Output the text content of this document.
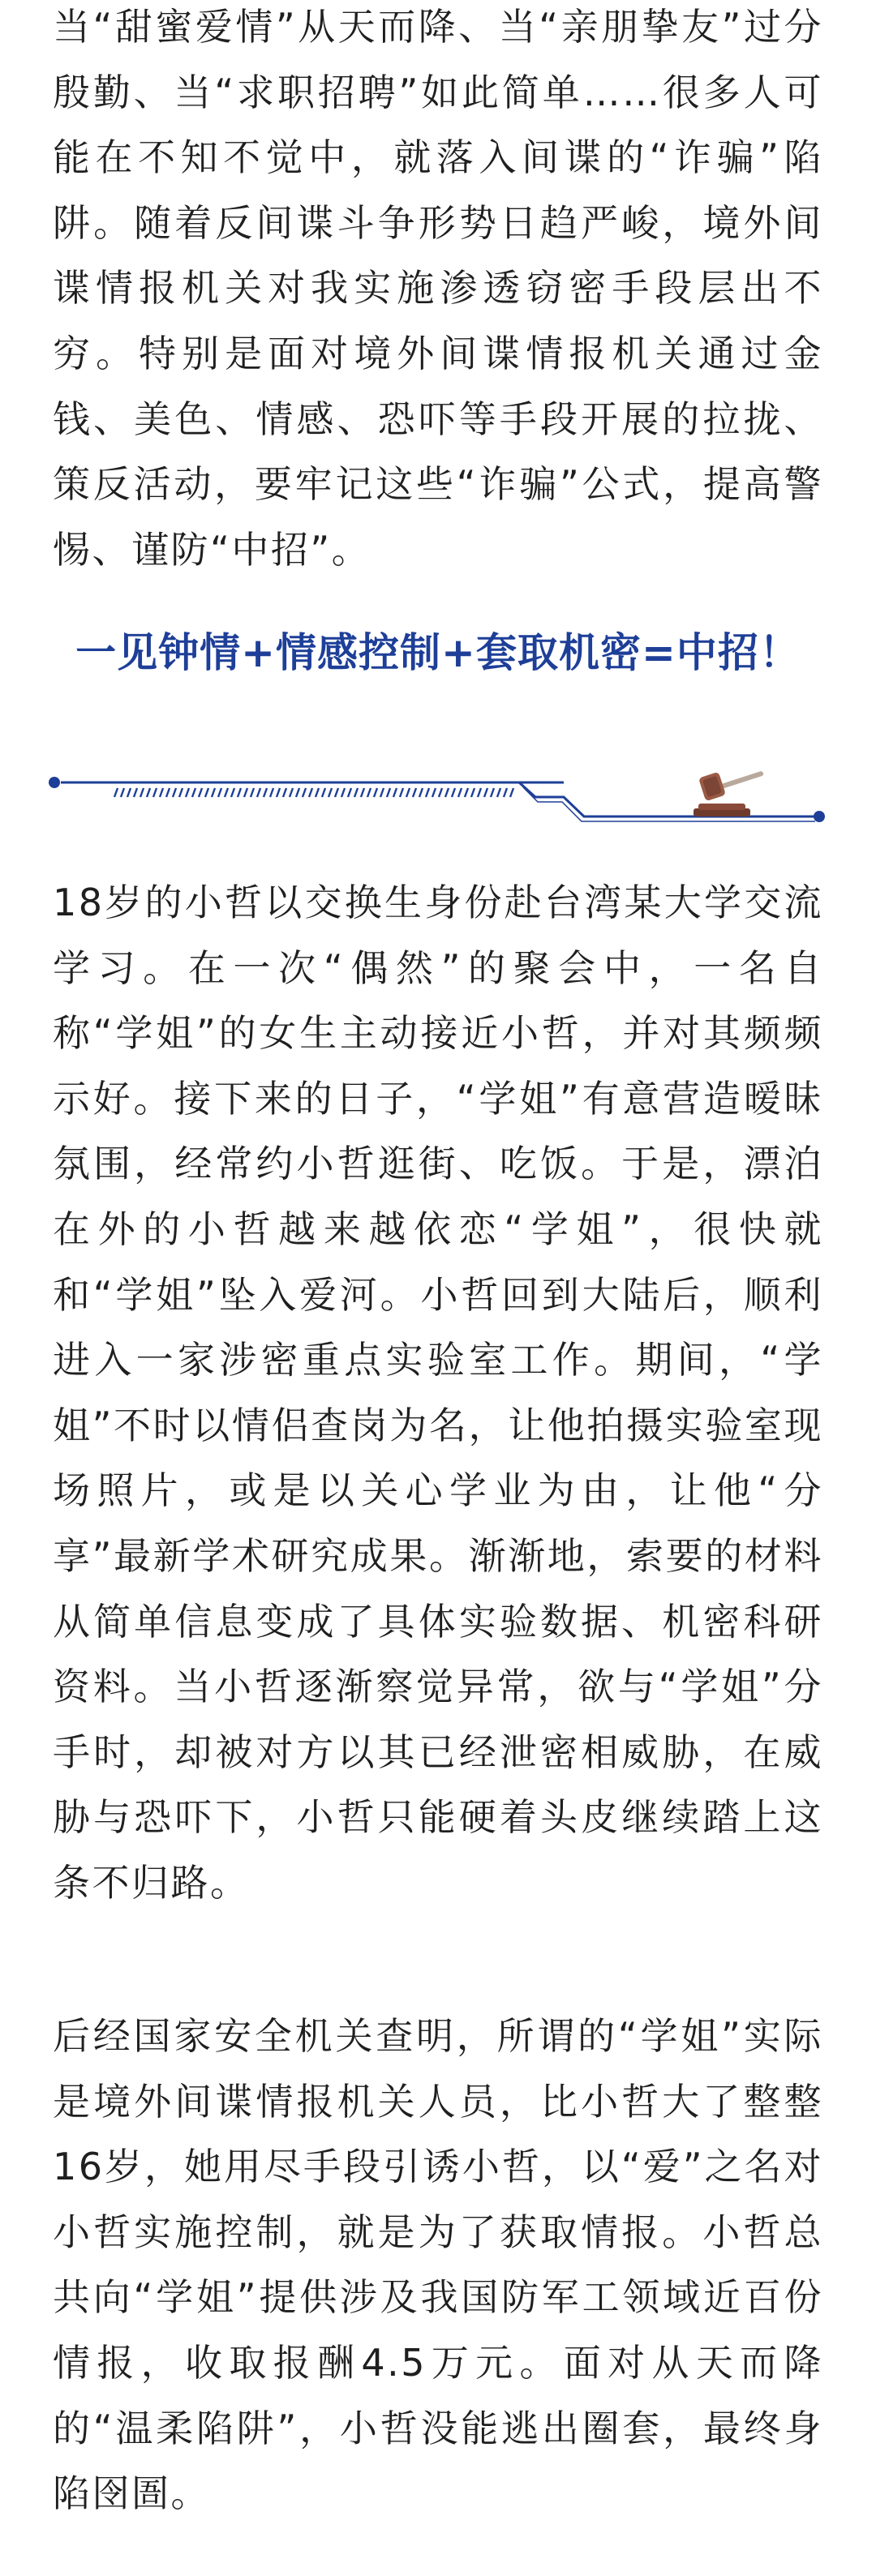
当“甜蜜爱情”从天而降、当“亲朋挚友”过分殷勤、当“求职招聘”如此简单……很多人可能在不知不觉中，就落入间谍的“诈骗”陷阱。随着反间谍斗争形势日趋严峻，境外间谍情报机关对我实施渗透窃密手段层出不穷。特别是面对境外间谍情报机关通过金钱、美色、情感、恐吓等手段开展的拉拢、策反活动，要牢记这些“诈骗”公式，提高警惕、谨防“中招”。

一见钟情+情感控制+套取机密=中招！

18岁的小哲以交换生身份赴台湾某大学交流学习。在一次“偶然”的聚会中，一名自称“学姐”的女生主动接近小哲，并对其频频示好。接下来的日子，“学姐”有意营造暧昧氛围，经常约小哲逛街、吃饭。于是，漂泊在外的小哲越来越依恋“学姐”，很快就和“学姐”坠入爱河。小哲回到大陆后，顺利进入一家涉密重点实验室工作。期间，“学姐”不时以情侣查岗为名，让他拍摄实验室现场照片，或是以关心学业为由，让他“分享”最新学术研究成果。渐渐地，索要的材料从简单信息变成了具体实验数据、机密科研资料。当小哲逐渐察觉异常，欲与“学姐”分手时，却被对方以其已经泄密相威胁，在威胁与恐吓下，小哲只能硬着头皮继续踏上这条不归路。

后经国家安全机关查明，所谓的“学姐”实际是境外间谍情报机关人员，比小哲大了整整16岁，她用尽手段引诱小哲，以“爱”之名对小哲实施控制，就是为了获取情报。小哲总共向“学姐”提供涉及我国防军工领域近百份情报，收取报酬4.5万元。面对从天而降的“温柔陷阱”，小哲没能逃出圈套，最终身陷囹圄。
